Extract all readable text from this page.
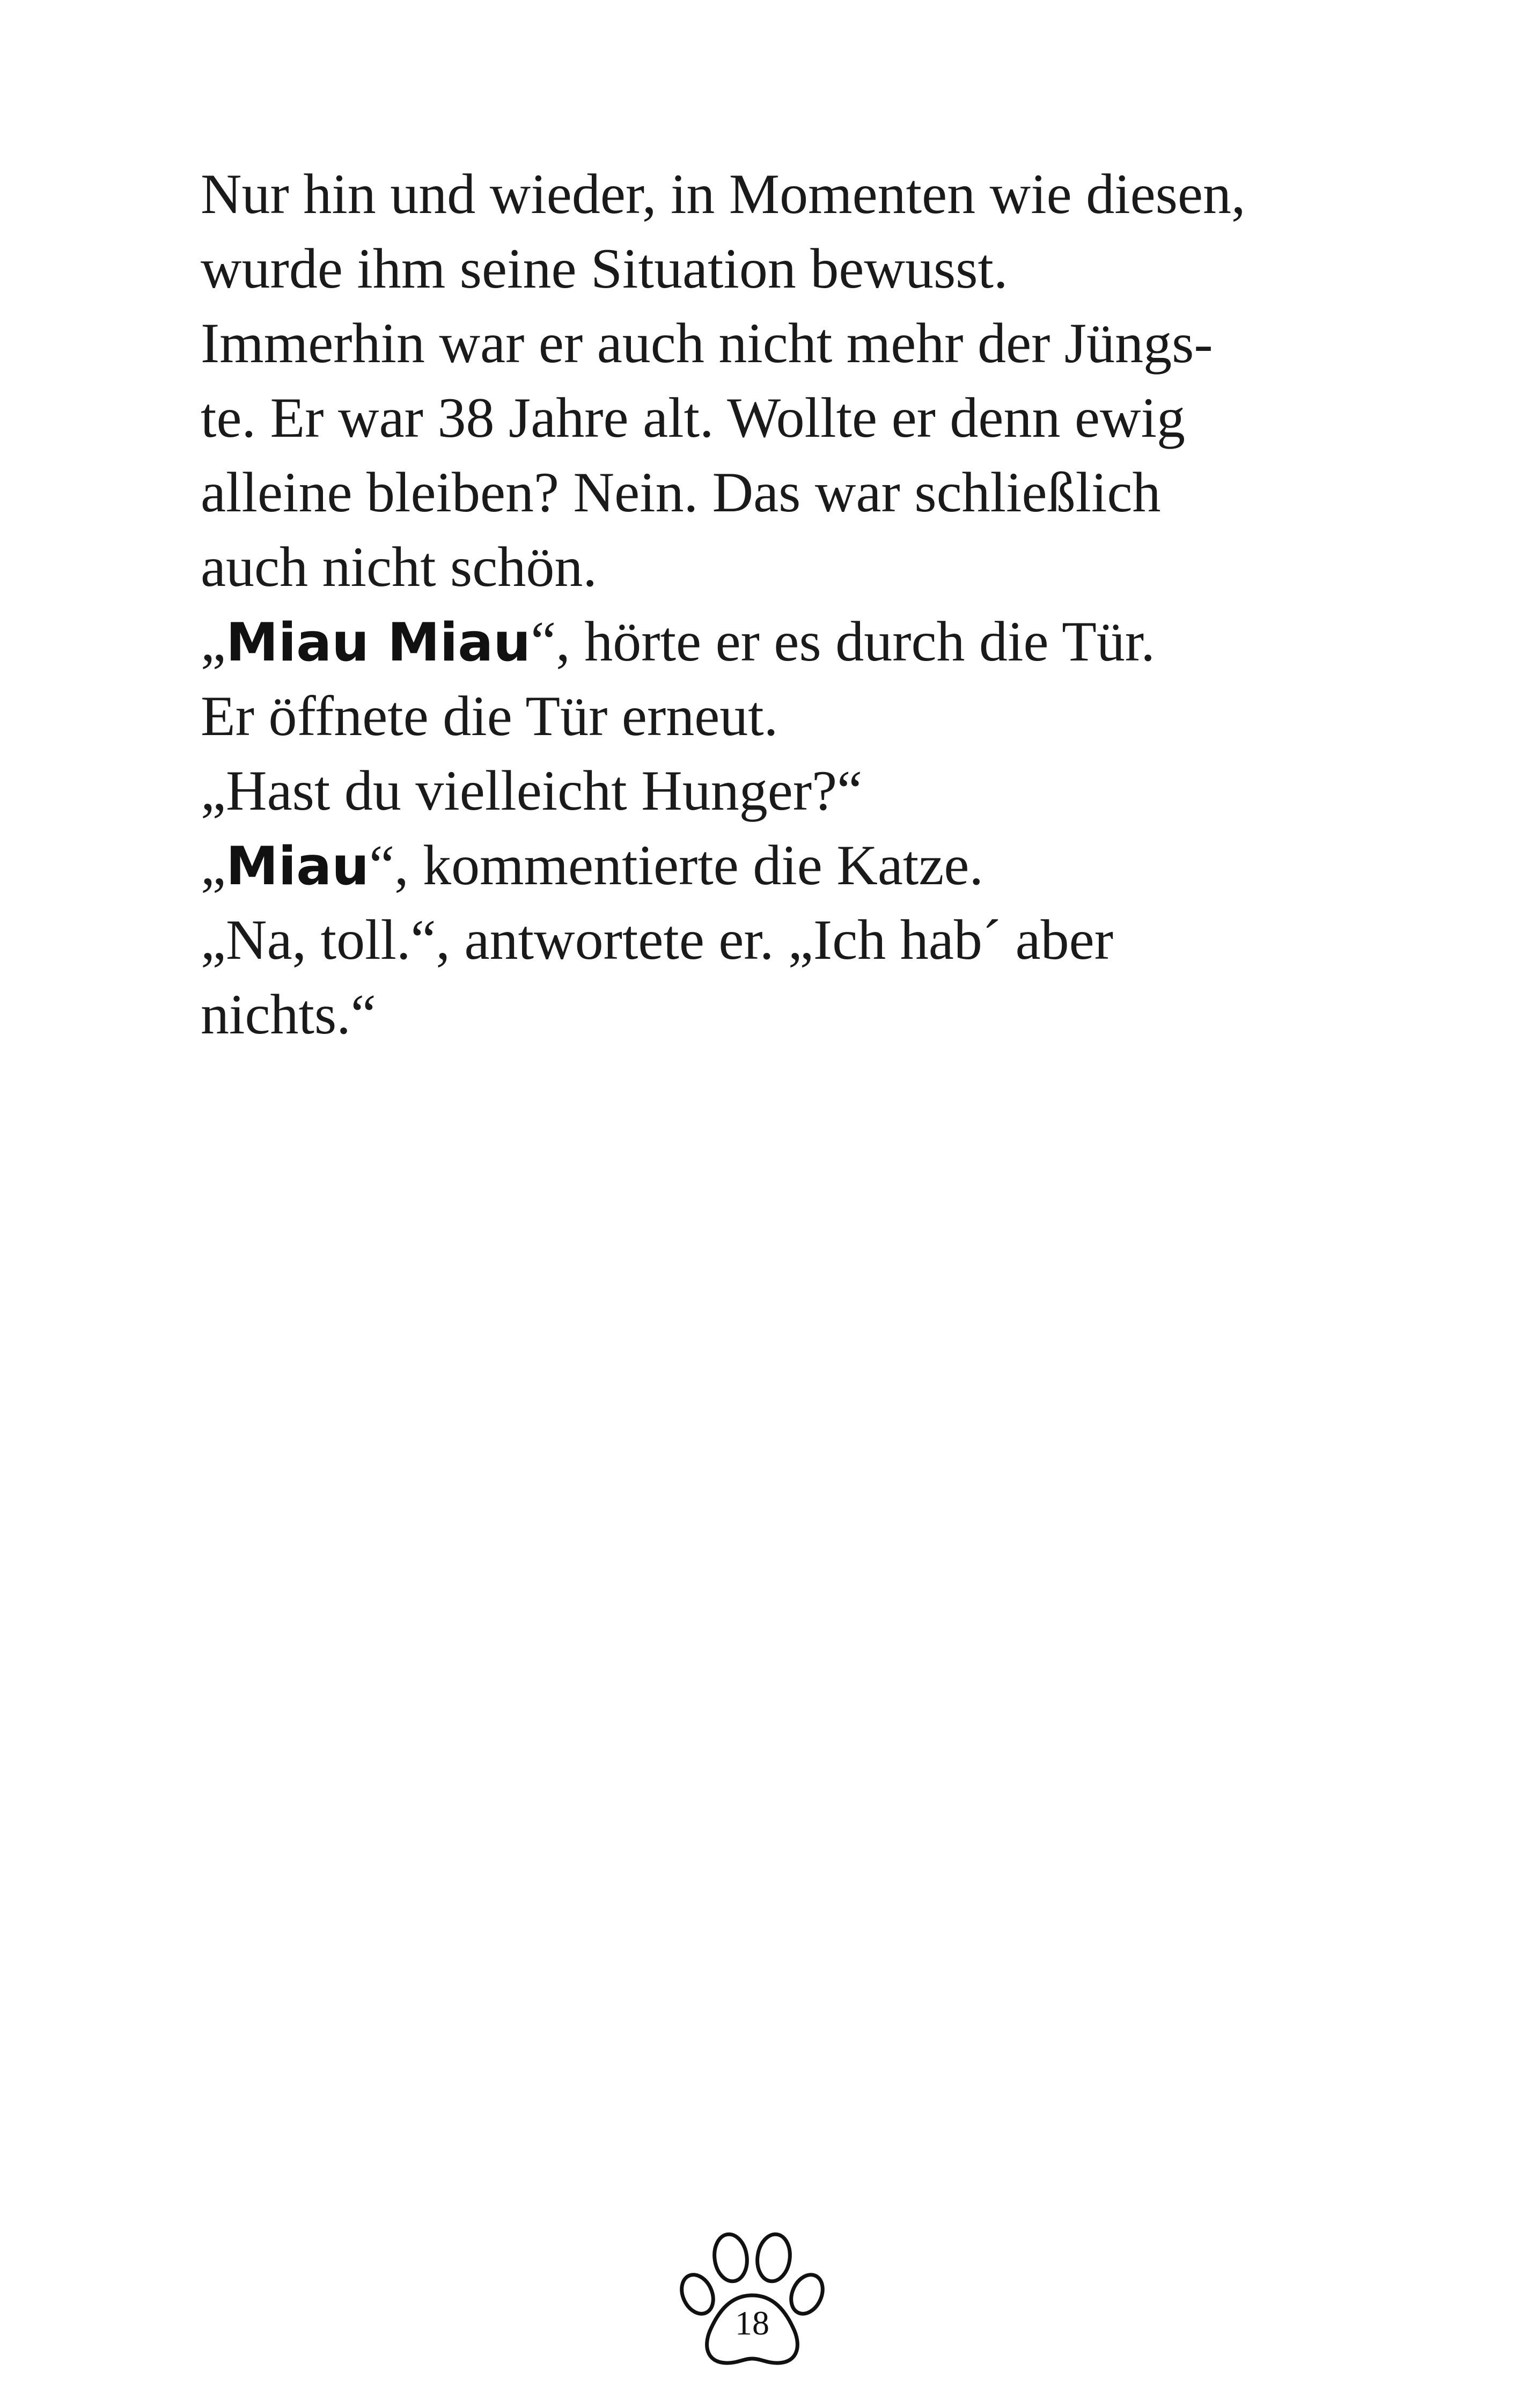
Nur hin und wieder, in Momenten wie diesen,
wurde ihm seine Situation bewusst.
Immerhin war er auch nicht mehr der Jüngs-
te. Er war 38 Jahre alt. Wollte er denn ewig
alleine bleiben? Nein. Das war schließlich
auch nicht schön.
„Miau Miau“, hörte er es durch die Tür.
Er öffnete die Tür erneut.
„Hast du vielleicht Hunger?“
„Miau“, kommentierte die Katze.
„Na, toll.“, antwortete er. „Ich hab´ aber
nichts.“
18
